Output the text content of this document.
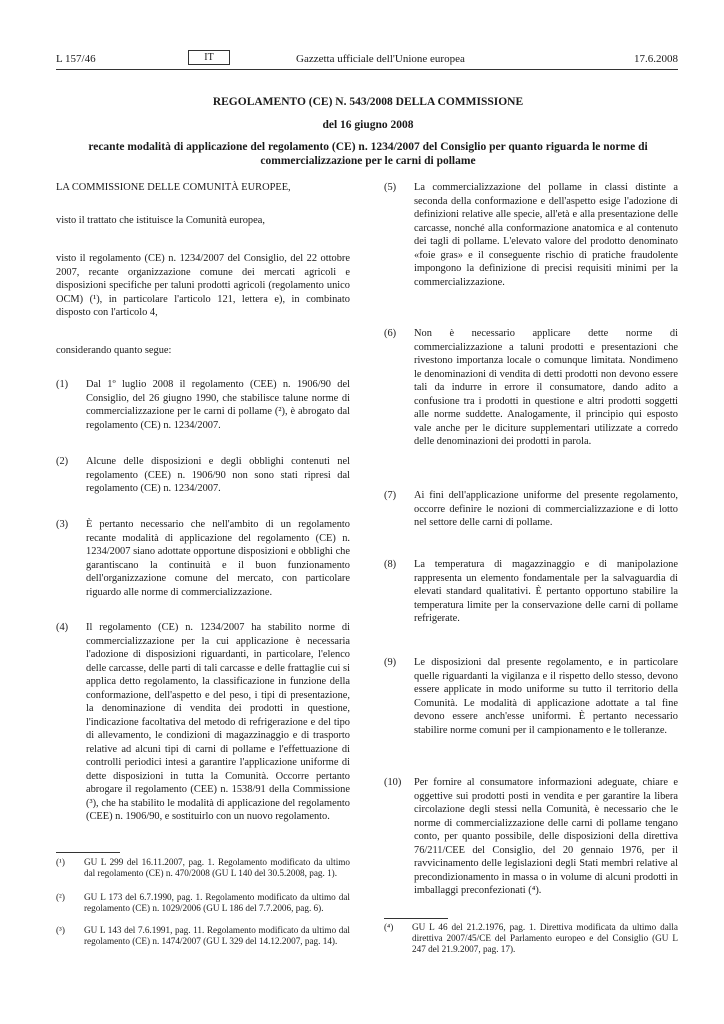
L 157/46	IT	Gazzetta ufficiale dell'Unione europea	17.6.2008
REGOLAMENTO (CE) N. 543/2008 DELLA COMMISSIONE
del 16 giugno 2008
recante modalità di applicazione del regolamento (CE) n. 1234/2007 del Consiglio per quanto riguarda le norme di commercializzazione per le carni di pollame

LA COMMISSIONE DELLE COMUNITÀ EUROPEE,

visto il trattato che istituisce la Comunità europea,

visto il regolamento (CE) n. 1234/2007 del Consiglio, del 22 ottobre 2007, recante organizzazione comune dei mercati agricoli e disposizioni specifiche per taluni prodotti agricoli (regolamento unico OCM) (¹), in particolare l'articolo 121, lettera e), in combinato disposto con l'articolo 4,

considerando quanto segue:

(1) Dal 1º luglio 2008 il regolamento (CEE) n. 1906/90 del Consiglio, del 26 giugno 1990, che stabilisce talune norme di commercializzazione per le carni di pollame (²), è abrogato dal regolamento (CE) n. 1234/2007.

(2) Alcune delle disposizioni e degli obblighi contenuti nel regolamento (CEE) n. 1906/90 non sono stati ripresi dal regolamento (CE) n. 1234/2007.

(3) È pertanto necessario che nell'ambito di un regolamento recante modalità di applicazione del regolamento (CE) n. 1234/2007 siano adottate opportune disposizioni e obblighi che garantiscano la continuità e il buon funzionamento dell'organizzazione comune del mercato, con particolare riguardo alle norme di commercializzazione.

(4) Il regolamento (CE) n. 1234/2007 ha stabilito norme di commercializzazione per la cui applicazione è necessaria l'adozione di disposizioni riguardanti, in particolare, l'elenco delle carcasse, delle parti di tali carcasse e delle frattaglie cui si applica detto regolamento, la classificazione in funzione della conformazione, dell'aspetto e del peso, i tipi di presentazione, la denominazione di vendita dei prodotti in questione, l'indicazione facoltativa del metodo di refrigerazione e del tipo di allevamento, le condizioni di magazzinaggio e di trasporto relative ad alcuni tipi di carni di pollame e l'effettuazione di controlli periodici intesi a garantire l'applicazione uniforme di dette disposizioni in tutta la Comunità. Occorre pertanto abrogare il regolamento (CEE) n. 1538/91 della Commissione (³), che ha stabilito le modalità di applicazione del regolamento (CEE) n. 1906/90, e sostituirlo con un nuovo regolamento.

(¹) GU L 299 del 16.11.2007, pag. 1. Regolamento modificato da ultimo dal regolamento (CE) n. 470/2008 (GU L 140 del 30.5.2008, pag. 1).

(²) GU L 173 del 6.7.1990, pag. 1. Regolamento modificato da ultimo dal regolamento (CE) n. 1029/2006 (GU L 186 del 7.7.2006, pag. 6).

(³) GU L 143 del 7.6.1991, pag. 11. Regolamento modificato da ultimo dal regolamento (CE) n. 1474/2007 (GU L 329 del 14.12.2007, pag. 14).

(5) La commercializzazione del pollame in classi distinte a seconda della conformazione e dell'aspetto esige l'adozione di definizioni relative alle specie, all'età e alla presentazione delle carcasse, nonché alla conformazione anatomica e al contenuto dei tagli di pollame. L'elevato valore del prodotto denominato «foie gras» e il conseguente rischio di pratiche fraudolente impongono la definizione di precisi requisiti minimi per la commercializzazione.

(6) Non è necessario applicare dette norme di commercializzazione a taluni prodotti e presentazioni che rivestono importanza locale o comunque limitata. Nondimeno le denominazioni di vendita di detti prodotti non devono essere tali da indurre in errore il consumatore, dando adito a confusione tra i prodotti in questione e altri prodotti soggetti alle norme suddette. Analogamente, il principio qui esposto vale anche per le diciture supplementari utilizzate a corredo delle denominazioni dei prodotti in parola.

(7) Ai fini dell'applicazione uniforme del presente regolamento, occorre definire le nozioni di commercializzazione e di lotto nel settore delle carni di pollame.

(8) La temperatura di magazzinaggio e di manipolazione rappresenta un elemento fondamentale per la salvaguardia di elevati standard qualitativi. È pertanto opportuno stabilire la temperatura limite per la conservazione delle carni di pollame refrigerate.

(9) Le disposizioni dal presente regolamento, e in particolare quelle riguardanti la vigilanza e il rispetto dello stesso, devono essere applicate in modo uniforme su tutto il territorio della Comunità. Le modalità di applicazione adottate a tal fine devono essere anch'esse uniformi. È pertanto necessario stabilire norme comuni per il campionamento e le tolleranze.

(10) Per fornire al consumatore informazioni adeguate, chiare e oggettive sui prodotti posti in vendita e per garantire la libera circolazione degli stessi nella Comunità, è necessario che le norme di commercializzazione delle carni di pollame tengano conto, per quanto possibile, delle disposizioni della direttiva 76/211/CEE del Consiglio, del 20 gennaio 1976, per il ravvicinamento delle legislazioni degli Stati membri relative al precondizionamento in massa o in volume di alcuni prodotti in imballaggi preconfezionati (⁴).

(⁴) GU L 46 del 21.2.1976, pag. 1. Direttiva modificata da ultimo dalla direttiva 2007/45/CE del Parlamento europeo e del Consiglio (GU L 247 del 21.9.2007, pag. 17).
